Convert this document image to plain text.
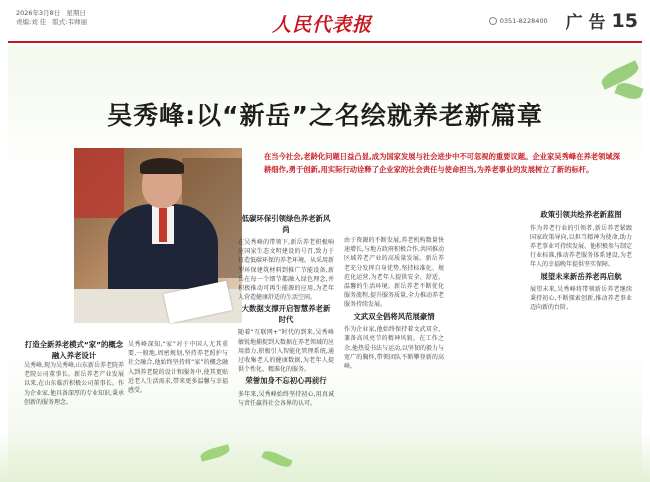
2026年3月8日 星期日
责编:刘 佳 版式:韦帅丽	人民代表报	0351-8228400 广 告 15
吴秀峰:以“新岳”之名绘就养老新篇章
在当今社会,老龄化问题日益凸显,成为国家发展与社会进步中不可忽视的重要议题。企业家吴秀峰在养老领域深耕细作,勇于创新,用实际行动诠释了企业家的社会责任与使命担当,为养老事业的发展树立了新的标杆。
打造全新养老模式“家”的概念融入养老设计
吴秀峰,现为吴秀峰,山东新岳养老院养老院公司董事长。新岳养老产业发展以来,在山东临沂积极公司董事长。作为企业家,他具备深厚的专业知识,秉承创新的服务理念。
吴秀峰深知,“家”对于中国人尤其重要,一般地,周密规划,坚持养老照护与社会融合,他始终坚持将“家”的概念融入到养老院的设计和服务中,使其更贴近老人生活需求,带来更多温馨与幸福感受。
低碳环保引领绿色养老新风尚
在吴秀峰的带领下,新岳养老积极响应国家生态文明建设的号召,致力于打造低碳环保的养老环境。从采用新型环保建筑材料到推广节能设备,新岳在每一个细节都融入绿色理念,并积极推动可再生能源的应用,为老年人营造健康舒适的生活空间。
大数据支撑开启智慧养老新时代
随着“互联网+”时代的到来,吴秀峰敏锐地捕捉到大数据在养老领域的应用潜力,积极引入智能化管理系统,通过收集老人的健康数据,为老年人提供个性化、精准化的服务。
荣誉加身不忘初心再前行
多年来,吴秀峰始终坚持初心,用真诚与责任赢得社会各界的认可。
由于资源的不断发展,养老机构数量快速增长,与地方政府积极合作,共同推动区域养老产业的高质量发展。新岳养老充分发挥自身优势,坚持标准化、规范化运营,为老年人提供安全、舒适、温馨的生活环境。新岳养老不断优化服务流程,提升服务质量,全力推动养老服务持续发展。
文武双全倡将风范展豪情
作为企业家,他始终保持着文武双全、兼备高风亮节的精神风貌。在工作之余,他热爱书法与运动,以坚韧的毅力与宽广的胸怀,带领团队不断攀登新的高峰。
政策引领共绘养老新蓝图
作为养老行业的引领者,新岳养老紧跟国家政策导向,以担当精神为使命,助力养老事业可持续发展。他积极参与制定行业标准,推动养老服务体系建设,为老年人的幸福晚年提供坚实保障。
展望未来新岳养老再启航
展望未来,吴秀峰将带领新岳养老继续秉持初心,不断探索创新,推动养老事业迈向新的台阶。
